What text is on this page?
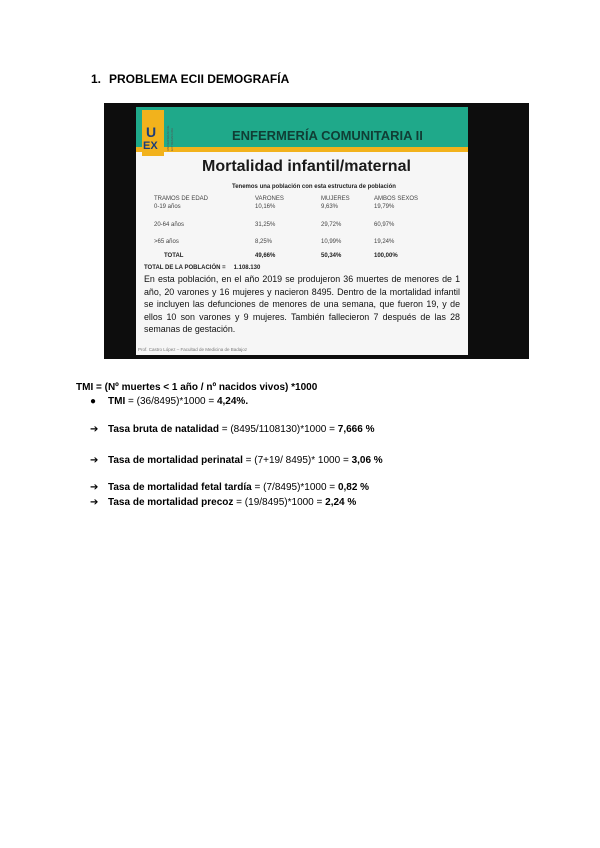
1. PROBLEMA ECII DEMOGRAFÍA
U
EX	UNIVERSIDAD DE EXTREMADURA	ENFERMERÍA COMUNITARIA II
Mortalidad infantil/maternal
Tenemos una población con esta estructura de población
TRAMOS DE EDAD	VARONES	MUJERES	AMBOS SEXOS
0-19 años	10,16%	9,63%	19,79%
20-64 años	31,25%	29,72%	60,97%
>65 años	8,25%	10,99%	19,24%
TOTAL	49,66%	50,34%	100,00%
TOTAL DE LA POBLACIÓN = 1.108.130
En esta población, en el año 2019 se produjeron 36 muertes de menores de 1 año, 20 varones y 16 mujeres y nacieron 8495. Dentro de la mortalidad infantil se incluyen las defunciones de menores de una semana, que fueron 19, y de ellos 10 son varones y 9 mujeres. También fallecieron 7 después de las 28 semanas de gestación.
Prof. Castro López – Facultad de Medicina de Badajoz
TMI = (Nº muertes < 1 año / nº nacidos vivos) *1000
● TMI = (36/8495)*1000 = 4,24%.
➔ Tasa bruta de natalidad = (8495/1108130)*1000 = 7,666 %
➔ Tasa de mortalidad perinatal = (7+19/ 8495)* 1000 = 3,06 %
➔ Tasa de mortalidad fetal tardía = (7/8495)*1000 = 0,82 %
➔ Tasa de mortalidad precoz = (19/8495)*1000 = 2,24 %
